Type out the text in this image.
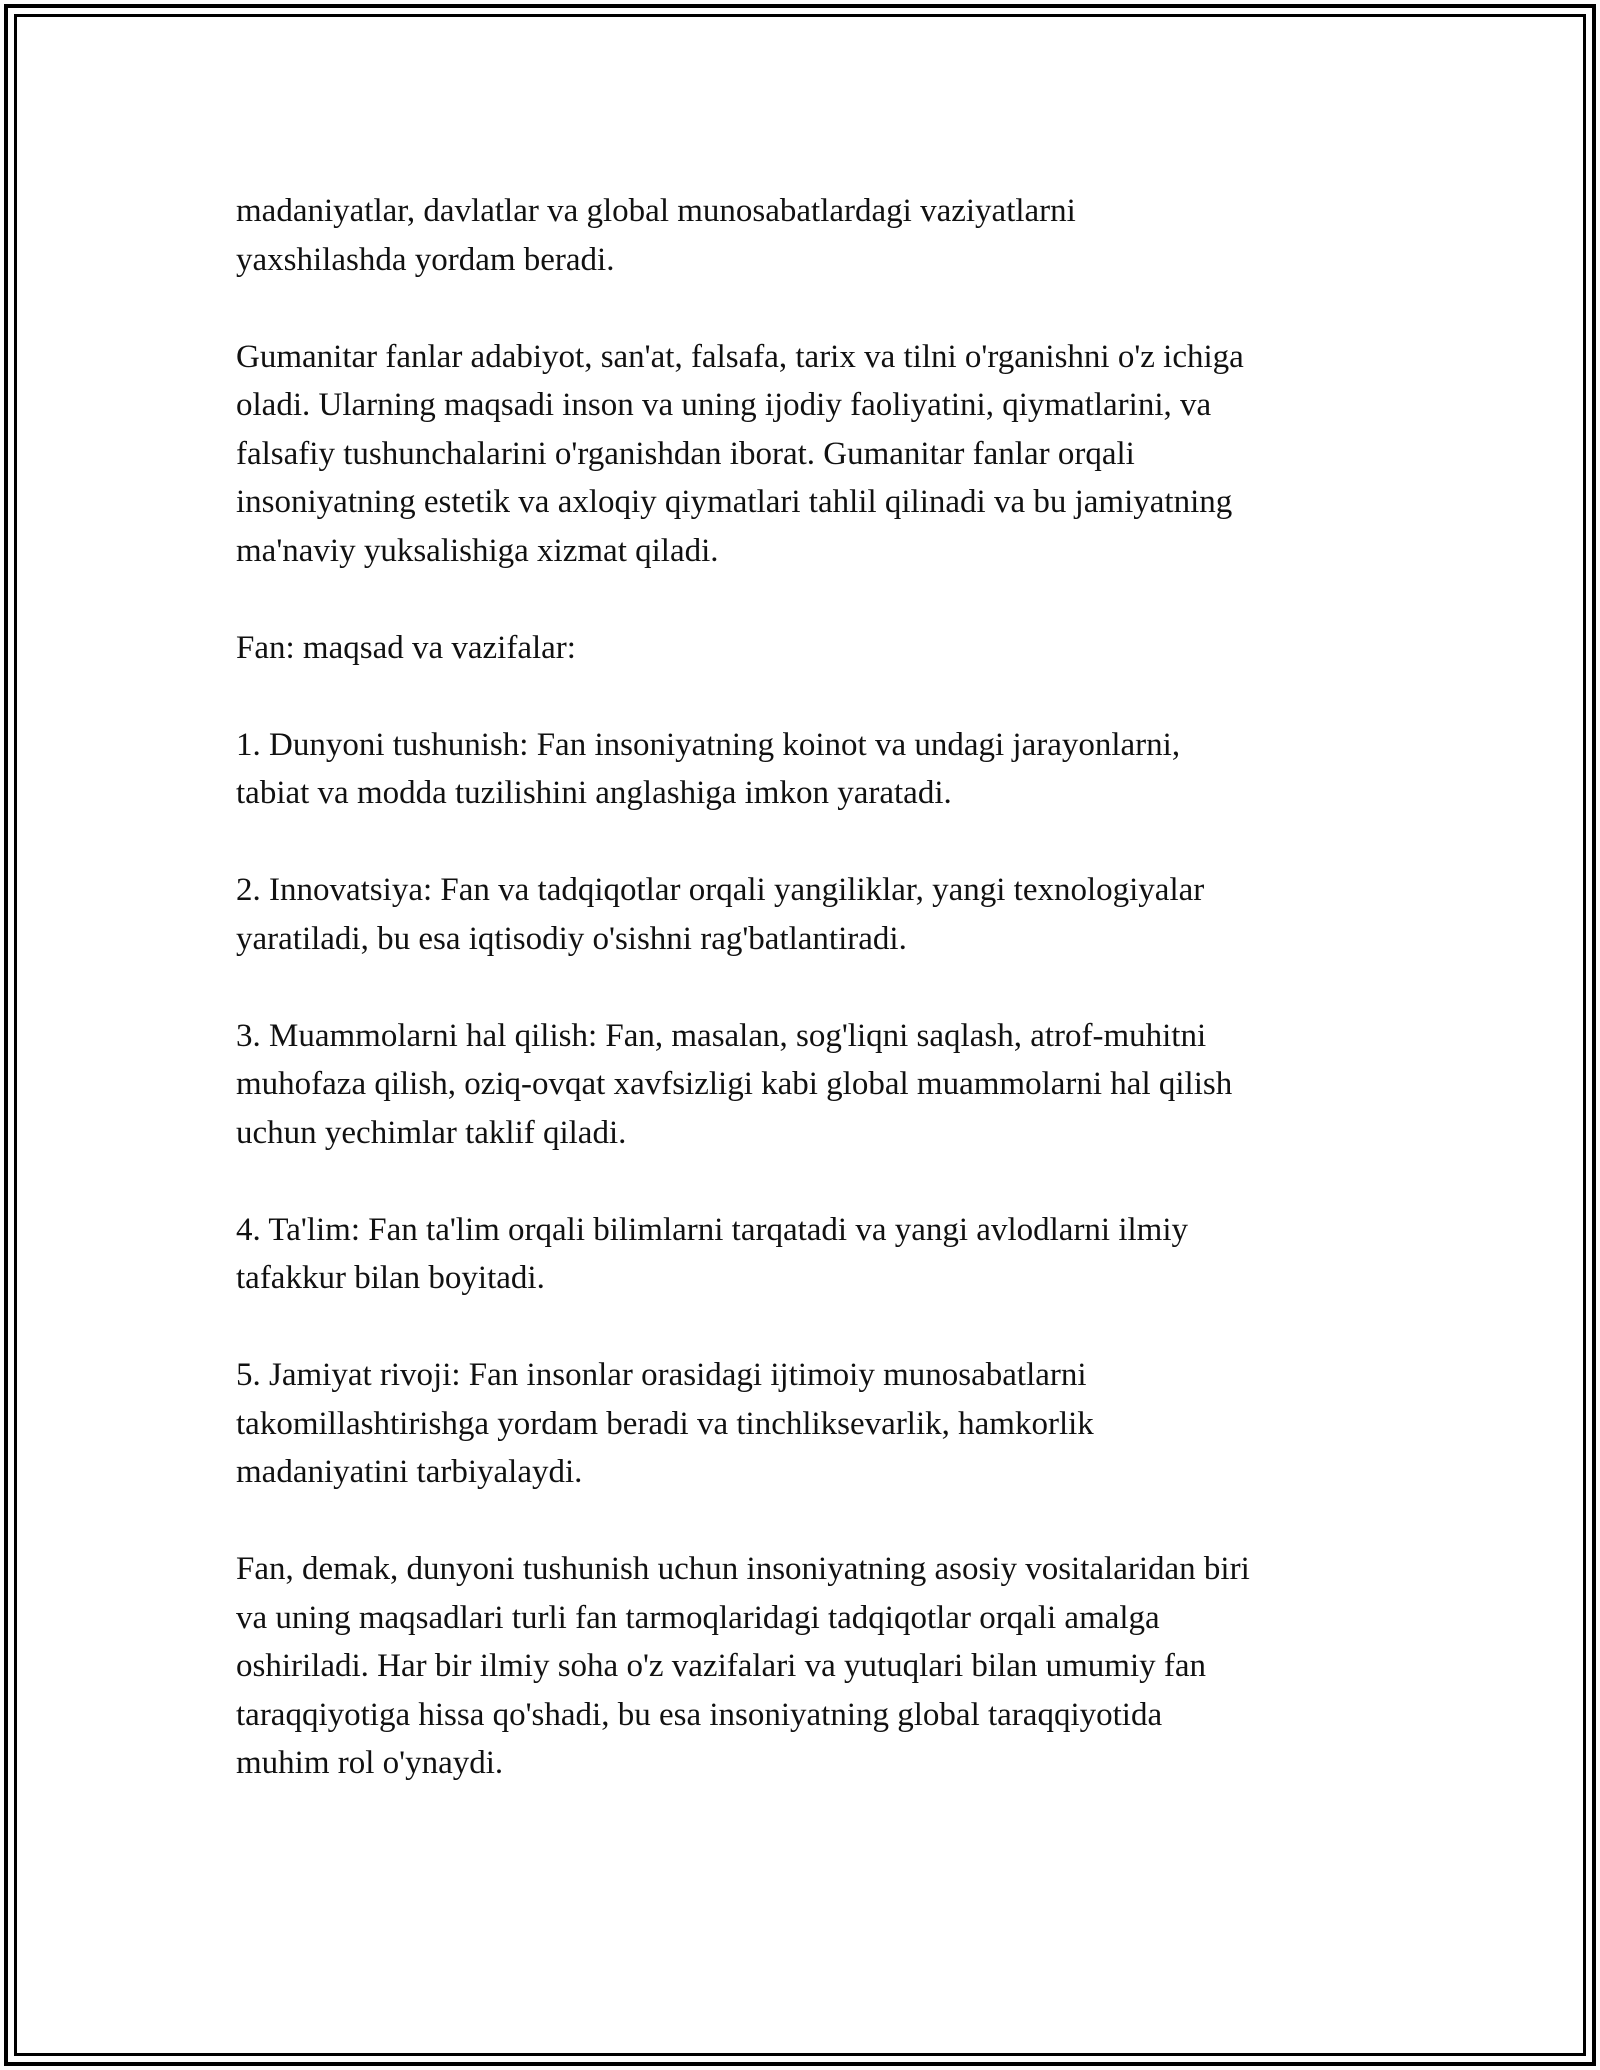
madaniyatlar, davlatlar va global munosabatlardagi vaziyatlarni
yaxshilashda yordam beradi.

Gumanitar fanlar adabiyot, san'at, falsafa, tarix va tilni o'rganishni o'z ichiga
oladi. Ularning maqsadi inson va uning ijodiy faoliyatini, qiymatlarini, va
falsafiy tushunchalarini o'rganishdan iborat. Gumanitar fanlar orqali
insoniyatning estetik va axloqiy qiymatlari tahlil qilinadi va bu jamiyatning
ma'naviy yuksalishiga xizmat qiladi.

Fan: maqsad va vazifalar:

1. Dunyoni tushunish: Fan insoniyatning koinot va undagi jarayonlarni,
tabiat va modda tuzilishini anglashiga imkon yaratadi.

2. Innovatsiya: Fan va tadqiqotlar orqali yangiliklar, yangi texnologiyalar
yaratiladi, bu esa iqtisodiy o'sishni rag'batlantiradi.

3. Muammolarni hal qilish: Fan, masalan, sog'liqni saqlash, atrof-muhitni
muhofaza qilish, oziq-ovqat xavfsizligi kabi global muammolarni hal qilish
uchun yechimlar taklif qiladi.

4. Ta'lim: Fan ta'lim orqali bilimlarni tarqatadi va yangi avlodlarni ilmiy
tafakkur bilan boyitadi.

5. Jamiyat rivoji: Fan insonlar orasidagi ijtimoiy munosabatlarni
takomillashtirishga yordam beradi va tinchliksevarlik, hamkorlik
madaniyatini tarbiyalaydi.

Fan, demak, dunyoni tushunish uchun insoniyatning asosiy vositalaridan biri
va uning maqsadlari turli fan tarmoqlaridagi tadqiqotlar orqali amalga
oshiriladi. Har bir ilmiy soha o'z vazifalari va yutuqlari bilan umumiy fan
taraqqiyotiga hissa qo'shadi, bu esa insoniyatning global taraqqiyotida
muhim rol o'ynaydi.
